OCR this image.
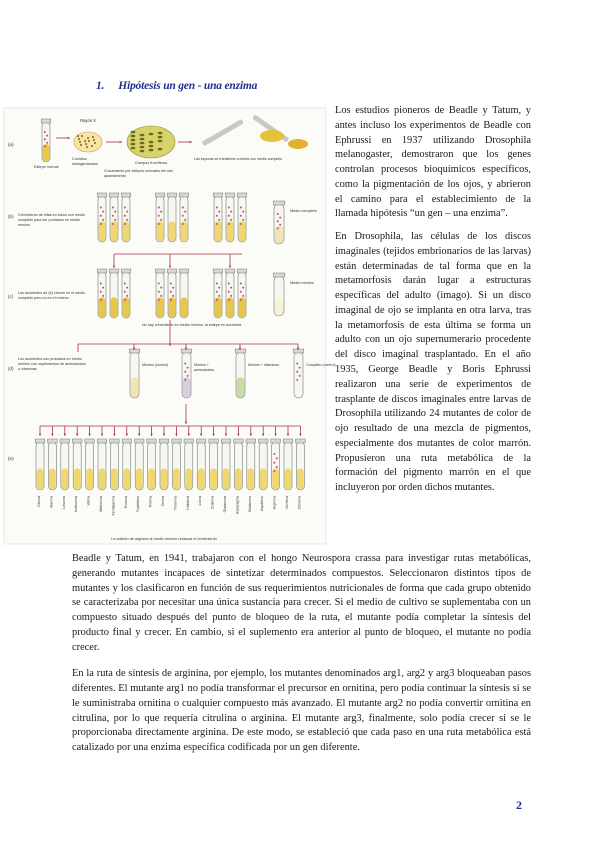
1. Hipótesis un gen - una enzima
(a)
(b)
(c)
(d)
(e)
Estirpe normal
Rayos X
Conidios
mutagenizados	Cuerpos fructíferos
Cruzamiento por estirpes normales del otro
apareamiento
Las esporas se transfieren a tubos con medio completo
Crecimiento de hifas en tubos con medio
completo para ser probados en medio
mínimo
Medio completo
Los auxótrofos de (b) crecen en el medio
completo pero no en el mínimo
Medio mínimo
No hay crecimiento en medio mínimo: la estirpe es auxótrofa
Los auxótrofos son probados en medio
mínimo con suplementos de aminoácidos
o vitaminas
Mínimo (control)	Mínimo +
aminoácidos
Mínimo + vitaminas	Completo (control)
Glicina Alanina Leucina Isoleucina Valina Metionina Fenilalanina Tirosina Triptófano Prolina Serina Treonina Histidina Lisina Cisteína Glutamina Asparagina Glutámico Aspártico Arginina Ornitina Citrulina
La adición de arginina al medio mínimo restaura el crecimiento

Los estudios pioneros de Beadle y Tatum, y antes incluso los experimentos de Beadle con Ephrussi en 1937 utilizando Drosophila melanogaster, demostraron que los genes controlan procesos bioquímicos específicos, como la pigmentación de los ojos, y abrieron el camino para el establecimiento de la llamada hipótesis “un gen – una enzima”.

En Drosophila, las células de los discos imaginales (tejidos embrionarios de las larvas) están determinadas de tal forma que en la metamorfosis darán lugar a estructuras específicas del adulto (imago). Si un disco imaginal de ojo se implanta en otra larva, tras la metamorfosis de esta última se forma un adulto con un ojo supernumerario procedente del disco imaginal trasplantado. En el año 1935, George Beadle y Boris Ephrussi realizaron una serie de experimentos de trasplante de discos imaginales entre larvas de Drosophila utilizando 24 mutantes de color de ojo resultado de una mezcla de pigmentos, especialmente dos mutantes de color marrón. Propusieron una ruta metabólica de la formación del pigmento marrón en el que incluyeron por orden dichos mutantes.

Beadle y Tatum, en 1941, trabajaron con el hongo Neurospora crassa para investigar rutas metabólicas, generando mutantes incapaces de sintetizar determinados compuestos. Seleccionaron distintos tipos de mutantes y los clasificaron en función de sus requerimientos nutricionales de forma que cada grupo obtenido se caracterizaba por necesitar una única sustancia para crecer. Si el medio de cultivo se suplementaba con un compuesto situado después del punto de bloqueo de la ruta, el mutante podía completar la síntesis del producto final y crecer. En cambio, si el suplemento era anterior al punto de bloqueo, el mutante no podía crecer.

En la ruta de síntesis de arginina, por ejemplo, los mutantes denominados arg1, arg2 y arg3 bloqueaban pasos diferentes. El mutante arg1 no podía transformar el precursor en ornitina, pero podía continuar la síntesis si se le suministraba ornitina o cualquier compuesto más avanzado. El mutante arg2 no podía convertir ornitina en citrulina, por lo que requería citrulina o arginina. El mutante arg3, finalmente, solo podía crecer si se le proporcionaba directamente arginina. De este modo, se estableció que cada paso en una ruta metabólica está catalizado por una enzima específica codificada por un gen diferente.

2
